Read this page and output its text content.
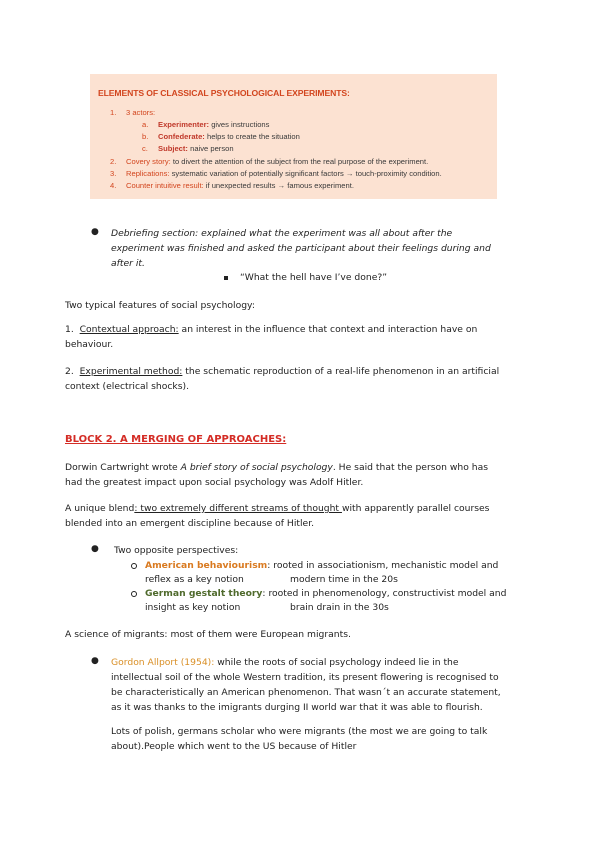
ELEMENTS OF CLASSICAL PSYCHOLOGICAL EXPERIMENTS:
1. 3 actors:
a. Experimenter: gives instructions
b. Confederate: helps to create the situation
c. Subject: naive person
2. Covery story: to divert the attention of the subject from the real purpose of the experiment.
3. Replications: systematic variation of potentially significant factors → touch-proximity condition.
4. Counter intuitive result: if unexpected results → famous experiment.
● Debriefing section: explained what the experiment was all about after the
experiment was finished and asked the participant about their feelings during and
after it.
“What the hell have I’ve done?”
Two typical features of social psychology:
1. Contextual approach: an interest in the influence that context and interaction have on
behaviour.
2. Experimental method: the schematic reproduction of a real-life phenomenon in an artificial
context (electrical shocks).
BLOCK 2. A MERGING OF APPROACHES:
Dorwin Cartwright wrote A brief story of social psychology. He said that the person who has
had the greatest impact upon social psychology was Adolf Hitler.
A unique blend: two extremely different streams of thought with apparently parallel courses
blended into an emergent discipline because of Hitler.
● Two opposite perspectives:
American behaviourism: rooted in associationism, mechanistic model and
reflex as a key notion	modern time in the 20s
German gestalt theory: rooted in phenomenology, constructivist model and
insight as key notion	brain drain in the 30s
A science of migrants: most of them were European migrants.
● Gordon Allport (1954): while the roots of social psychology indeed lie in the
intellectual soil of the whole Western tradition, its present flowering is recognised to
be characteristically an American phenomenon. That wasn´t an accurate statement,
as it was thanks to the imigrants durging II world war that it was able to flourish.
Lots of polish, germans scholar who were migrants (the most we are going to talk
about).People which went to the US because of Hitler
